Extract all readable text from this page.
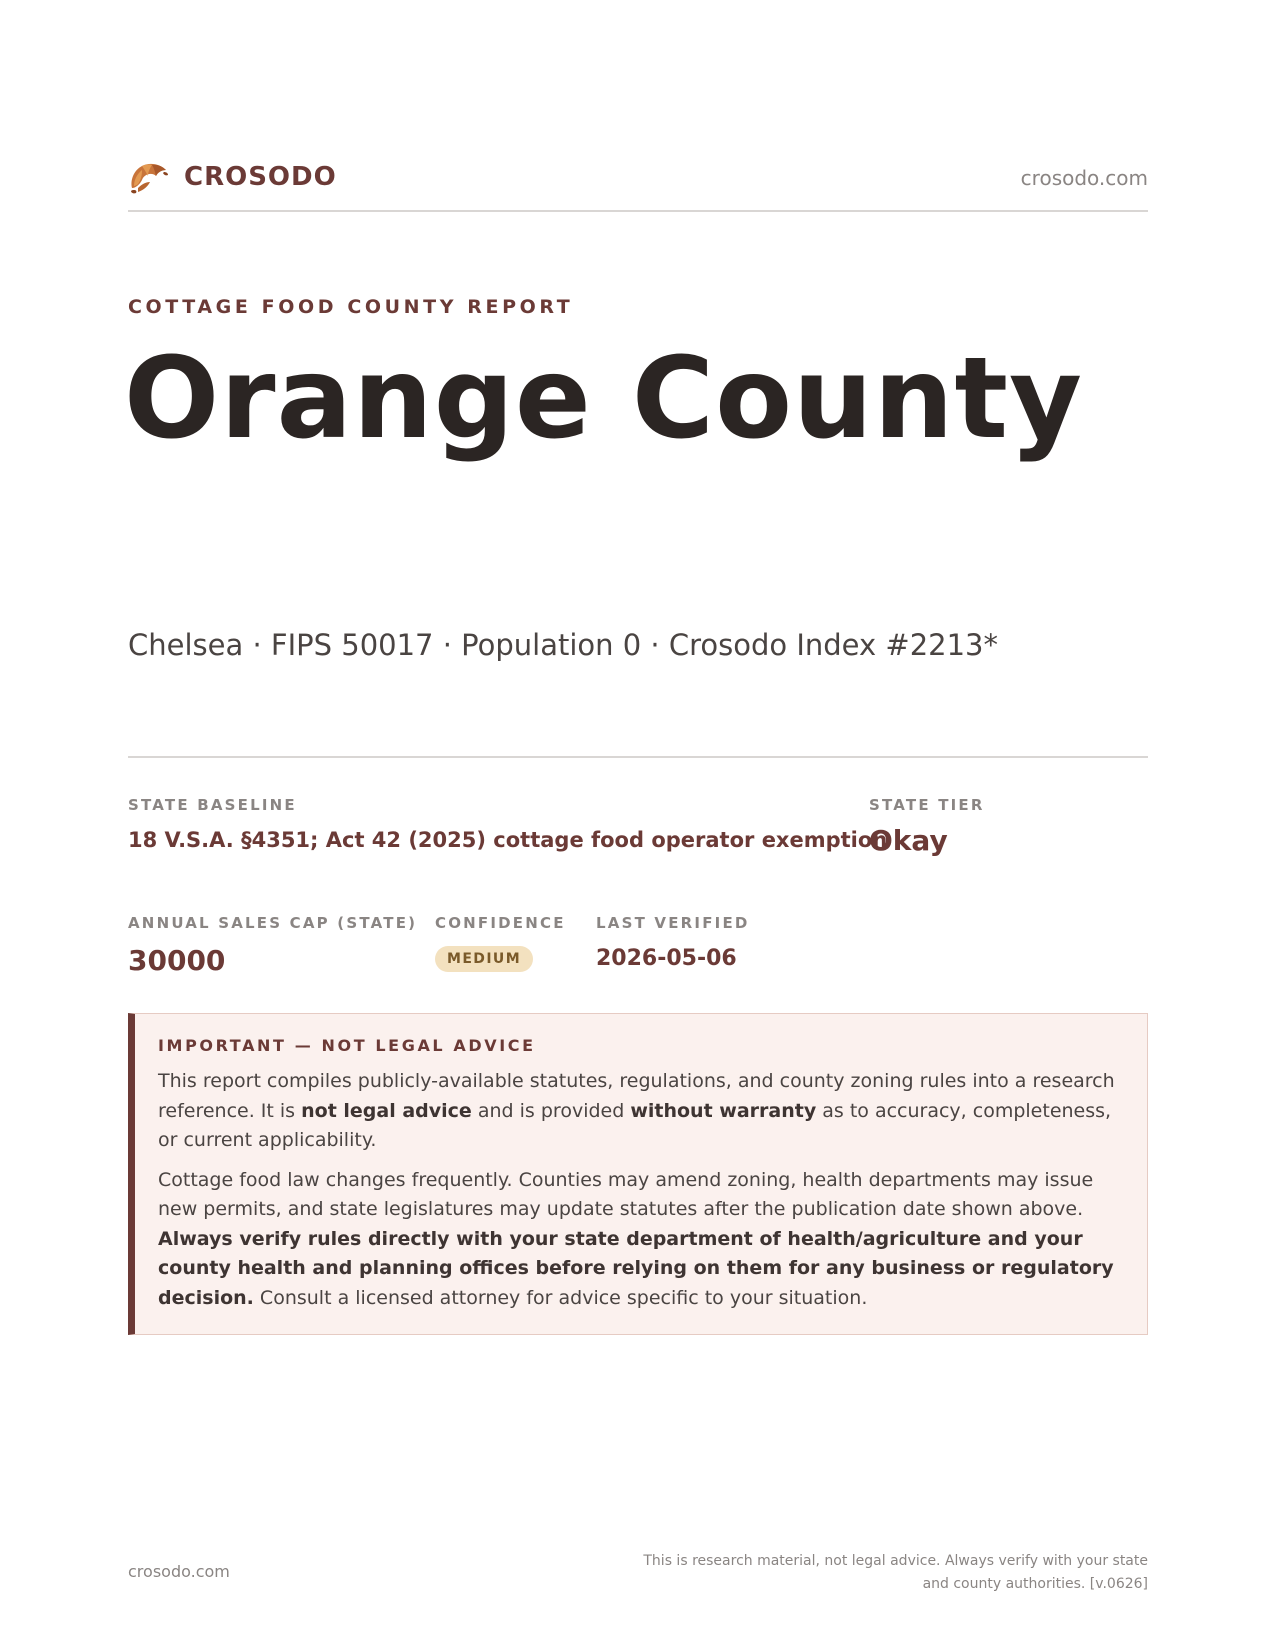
CROSODO	crosodo.com
COTTAGE FOOD COUNTY REPORT
Orange County
Chelsea · FIPS 50017 · Population 0 · Crosodo Index #2213*
STATE BASELINE
18 V.S.A. §4351; Act 42 (2025) cottage food operator exemption
STATE TIER
Okay
ANNUAL SALES CAP (STATE)
30000
CONFIDENCE
MEDIUM
LAST VERIFIED
2026-05-06
IMPORTANT — NOT LEGAL ADVICE

This report compiles publicly-available statutes, regulations, and county zoning rules into a research reference. It is not legal advice and is provided without warranty as to accuracy, completeness, or current applicability.

Cottage food law changes frequently. Counties may amend zoning, health departments may issue new permits, and state legislatures may update statutes after the publication date shown above. Always verify rules directly with your state department of health/agriculture and your county health and planning offices before relying on them for any business or regulatory decision. Consult a licensed attorney for advice specific to your situation.

crosodo.com
This is research material, not legal advice. Always verify with your state
and county authorities. [v.0626]
